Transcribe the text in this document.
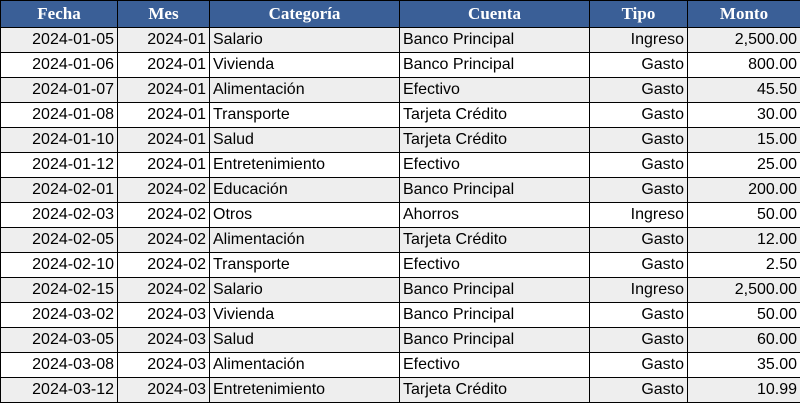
Fecha	Mes	Categoría	Cuenta	Tipo	Monto
2024-01-05	2024-01	Salario	Banco Principal	Ingreso	2,500.00
2024-01-06	2024-01	Vivienda	Banco Principal	Gasto	800.00
2024-01-07	2024-01	Alimentación	Efectivo	Gasto	45.50
2024-01-08	2024-01	Transporte	Tarjeta Crédito	Gasto	30.00
2024-01-10	2024-01	Salud	Tarjeta Crédito	Gasto	15.00
2024-01-12	2024-01	Entretenimiento	Efectivo	Gasto	25.00
2024-02-01	2024-02	Educación	Banco Principal	Gasto	200.00
2024-02-03	2024-02	Otros	Ahorros	Ingreso	50.00
2024-02-05	2024-02	Alimentación	Tarjeta Crédito	Gasto	12.00
2024-02-10	2024-02	Transporte	Efectivo	Gasto	2.50
2024-02-15	2024-02	Salario	Banco Principal	Ingreso	2,500.00
2024-03-02	2024-03	Vivienda	Banco Principal	Gasto	50.00
2024-03-05	2024-03	Salud	Banco Principal	Gasto	60.00
2024-03-08	2024-03	Alimentación	Efectivo	Gasto	35.00
2024-03-12	2024-03	Entretenimiento	Tarjeta Crédito	Gasto	10.99
